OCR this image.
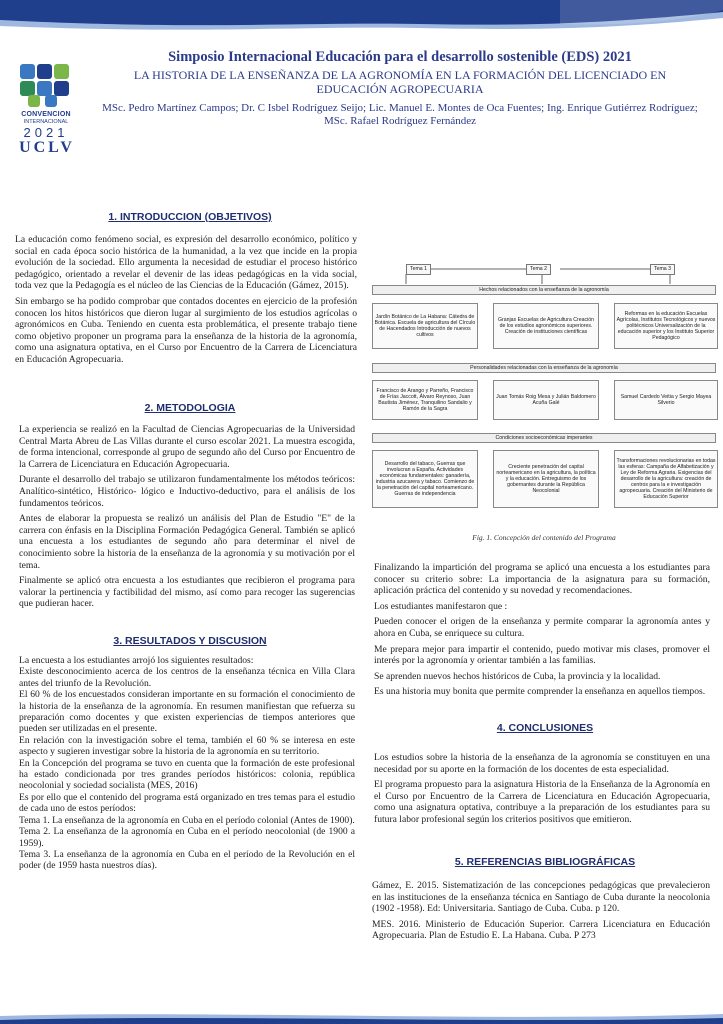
CONVENCION
INTERNACIONAL
2021
UCLV
Simposio Internacional Educación para el desarrollo sostenible (EDS) 2021
LA HISTORIA DE LA ENSEÑANZA DE LA AGRONOMÍA EN LA FORMACIÓN DEL LICENCIADO EN EDUCACIÓN AGROPECUARIA
MSc. Pedro Martínez Campos; Dr. C Isbel Rodríguez Seijo; Lic. Manuel E. Montes de Oca Fuentes; Ing. Enrique Gutiérrez Rodríguez; MSc. Rafael Rodríguez Fernández
1. INTRODUCCION (OBJETIVOS)

La educación como fenómeno social, es expresión del desarrollo económico, político y social en cada época socio histórica de la humanidad, a la vez que incide en la propia evolución de la sociedad. Ello argumenta la necesidad de estudiar el proceso histórico pedagógico, orientado a revelar el devenir de las ideas pedagógicas en la vida social, toda vez que la Pedagogía es el núcleo de las Ciencias de la Educación (Gámez, 2015).

Sin embargo se ha podido comprobar que contados docentes en ejercicio de la profesión conocen los hitos históricos que dieron lugar al surgimiento de los estudios agrícolas o agronómicos en Cuba. Teniendo en cuenta esta problemática, el presente trabajo tiene como objetivo proponer un programa para la enseñanza de la historia de la agronomía, como una asignatura optativa, en el Curso por Encuentro de la Carrera de Licenciatura en Educación Agropecuaria.

2. METODOLOGIA

La experiencia se realizó en la Facultad de Ciencias Agropecuarias de la Universidad Central Marta Abreu de Las Villas durante el curso escolar 2021. La muestra escogida, de forma intencional, corresponde al grupo de segundo año del Curso por Encuentro de la Carrera de Licenciatura en Educación Agropecuaria.

Durante el desarrollo del trabajo se utilizaron fundamentalmente los métodos teóricos: Analítico-sintético, Histórico- lógico e Inductivo-deductivo, para el análisis de los fundamentos teóricos.

Antes de elaborar la propuesta se realizó un análisis del Plan de Estudio "E" de la carrera con énfasis en la Disciplina Formación Pedagógica General. También se aplicó una encuesta a los estudiantes de segundo año para determinar el nivel de conocimiento sobre la historia de la enseñanza de la agronomía y su motivación por el tema.

Finalmente se aplicó otra encuesta a los estudiantes que recibieron el programa para valorar la pertinencia y factibilidad del mismo, así como para recoger las sugerencias que pudieran hacer.

3. RESULTADOS Y DISCUSION
La encuesta a los estudiantes arrojó los siguientes resultados:
Existe desconocimiento acerca de los centros de la enseñanza técnica en Villa Clara antes del triunfo de la Revolución.
El 60 % de los encuestados consideran importante en su formación el conocimiento de la historia de la enseñanza de la agronomía. En resumen manifiestan que refuerza su preparación como docentes y que existen experiencias de tiempos anteriores que pueden ser utilizadas en el presente.
En relación con la investigación sobre el tema, también el 60 % se interesa en este aspecto y sugieren investigar sobre la historia de la agronomía en su territorio.
En la Concepción del programa se tuvo en cuenta que la formación de este profesional ha estado condicionada por tres grandes períodos históricos: colonia, república neocolonial y sociedad socialista (MES, 2016)
Es por ello que el contenido del programa está organizado en tres temas para el estudio de cada uno de estos períodos:
Tema 1. La enseñanza de la agronomía en Cuba en el período colonial (Antes de 1900).
Tema 2. La enseñanza de la agronomía en Cuba en el período neocolonial (de 1900 a 1959).
Tema 3. La enseñanza de la agronomía en Cuba en el período de la Revolución en el poder (de 1959 hasta nuestros días).
Tema 1	Tema 2	Tema 3
Hechos relacionados con la enseñanza de la agronomía
Jardín Botánico de La Habana: Cátedra de Botánica. Escuela de agricultura del Círculo de Hacendados Introducción de nuevos cultivos
Granjas Escuelas de Agricultura Creación de los estudios agronómicos superiores. Creación de instituciones científicas
Reformas en la educación Escuelas Agrícolas, Institutos Tecnológicos y nuevos politécnicos Universalización de la educación superior y los Instituto Superior Pedagógico
Personalidades relacionadas con la enseñanza de la agronomía
Francisco de Arango y Parreño, Francisco de Frías Jaccott, Álvaro Reynoso, Juan Bautista Jiménez, Tranquilino Sandalio y Ramón de la Sagra
Juan Tomás Roig Mesa y Julián Baldomero Acuña Galé
Samuel Cardedo Veitia y Sergio Mayea Silverio
Condiciones socioeconómicas imperantes
Desarrollo del tabaco, Guerras que involucran a España. Actividades económicas fundamentales: ganadería, industria azucarera y tabaco. Comienzo de la penetración del capital norteamericano. Guerras de independencia
Creciente penetración del capital norteamericano en la agricultura, la política y la educación. Entreguismo de los gobernantes durante la República Neocolonial
Transformaciones revolucionarias en todas las esferas: Campaña de Alfabetización y Ley de Reforma Agraria. Exigencias del desarrollo de la agricultura: creación de centros para la e investigación agropecuaria. Creación del Ministerio de Educación Superior
Fig. 1. Concepción del contenido del Programa

Finalizando la impartición del programa se aplicó una encuesta a los estudiantes para conocer su criterio sobre: La importancia de la asignatura para su formación, aplicación práctica del contenido y su novedad y recomendaciones.

Los estudiantes manifestaron que :

Pueden conocer el origen de la enseñanza y permite comparar la agronomía antes y ahora en Cuba, se enriquece su cultura.

Me prepara mejor para impartir el contenido, puedo motivar mis clases, promover el interés por la agronomía y orientar también a las familias.

Se aprenden nuevos hechos históricos de Cuba, la provincia y la localidad.

Es una historia muy bonita que permite comprender la enseñanza en aquellos tiempos.

4. CONCLUSIONES

Los estudios sobre la historia de la enseñanza de la agronomía se constituyen en una necesidad por su aporte en la formación de los docentes de esta especialidad.

El programa propuesto para la asignatura Historia de la Enseñanza de la Agronomía en el Curso por Encuentro de la Carrera de Licenciatura en Educación Agropecuaria, como una asignatura optativa, contribuye a la preparación de los estudiantes para su futura labor profesional según los criterios positivos que emitieron.

5. REFERENCIAS BIBLIOGRÁFICAS

Gámez, E. 2015. Sistematización de las concepciones pedagógicas que prevalecieron en las instituciones de la enseñanza técnica en Santiago de Cuba durante la neocolonia (1902 -1958). Ed: Universitaria. Santiago de Cuba. Cuba. p 120.

MES. 2016. Ministerio de Educación Superior. Carrera Licenciatura en Educación Agropecuaria. Plan de Estudio E. La Habana. Cuba. P 273
